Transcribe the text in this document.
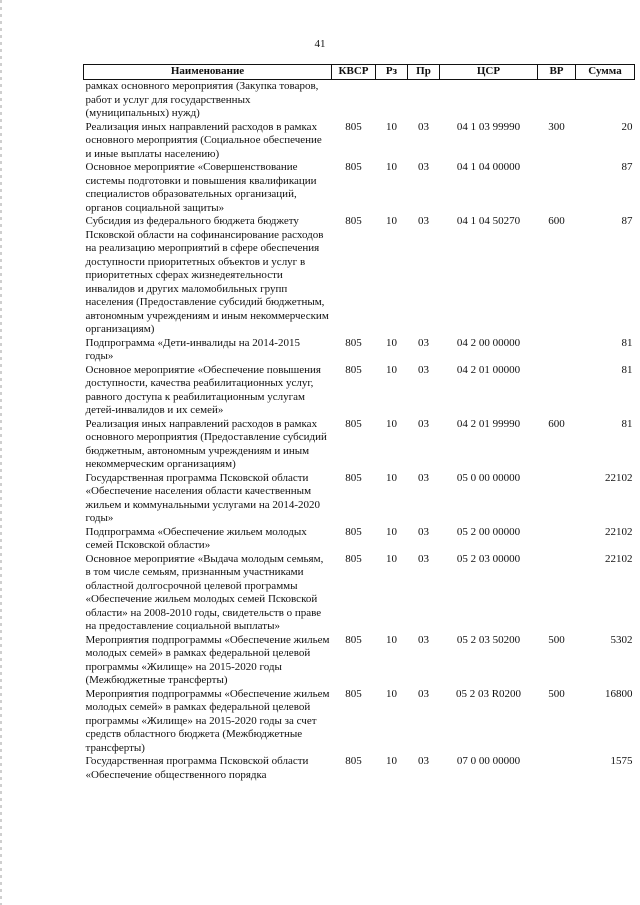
41
Наименование	КВСР	Рз	Пр	ЦСР	ВР	Сумма
рамках основного мероприятия (Закупка товаров, работ и услуг для государственных (муниципальных) нужд)						
Реализация иных направлений расходов в рамках основного мероприятия (Социальное обеспечение и иные выплаты населению)	805	10	03	04 1 03 99990	300	20
Основное мероприятие «Совершенствование системы подготовки и повышения квалификации специалистов образовательных организаций, органов социальной защиты»	805	10	03	04 1 04 00000		87
Субсидия из федерального бюджета бюджету Псковской области на софинансирование расходов на реализацию мероприятий в сфере обеспечения доступности приоритетных объектов и услуг в приоритетных сферах жизнедеятельности инвалидов и других маломобильных групп населения (Предоставление субсидий бюджетным, автономным учреждениям и иным некоммерческим организациям)	805	10	03	04 1 04 50270	600	87
Подпрограмма «Дети-инвалиды на 2014-2015 годы»	805	10	03	04 2 00 00000		81
Основное мероприятие «Обеспечение повышения доступности, качества реабилитационных услуг, равного доступа к реабилитационным услугам детей-инвалидов и их семей»	805	10	03	04 2 01 00000		81
Реализация иных направлений расходов в рамках основного мероприятия (Предоставление субсидий бюджетным, автономным учреждениям и иным некоммерческим организациям)	805	10	03	04 2 01 99990	600	81
Государственная программа Псковской области «Обеспечение населения области качественным жильем и коммунальными услугами на 2014-2020 годы»	805	10	03	05 0 00 00000		22102
Подпрограмма «Обеспечение жильем молодых семей Псковской области»	805	10	03	05 2 00 00000		22102
Основное мероприятие «Выдача молодым семьям, в том числе семьям, признанным участниками областной долгосрочной целевой программы «Обеспечение жильем молодых семей Псковской области» на 2008-2010 годы, свидетельств о праве на предоставление социальной выплаты»	805	10	03	05 2 03 00000		22102
Мероприятия подпрограммы «Обеспечение жильем молодых семей» в рамках федеральной целевой программы «Жилище» на 2015-2020 годы (Межбюджетные трансферты)	805	10	03	05 2 03 50200	500	5302
Мероприятия подпрограммы «Обеспечение жильем молодых семей» в рамках федеральной целевой программы «Жилище» на 2015-2020 годы за счет средств областного бюджета (Межбюджетные трансферты)	805	10	03	05 2 03 R0200	500	16800
Государственная программа Псковской области «Обеспечение общественного порядка	805	10	03	07 0 00 00000		1575
